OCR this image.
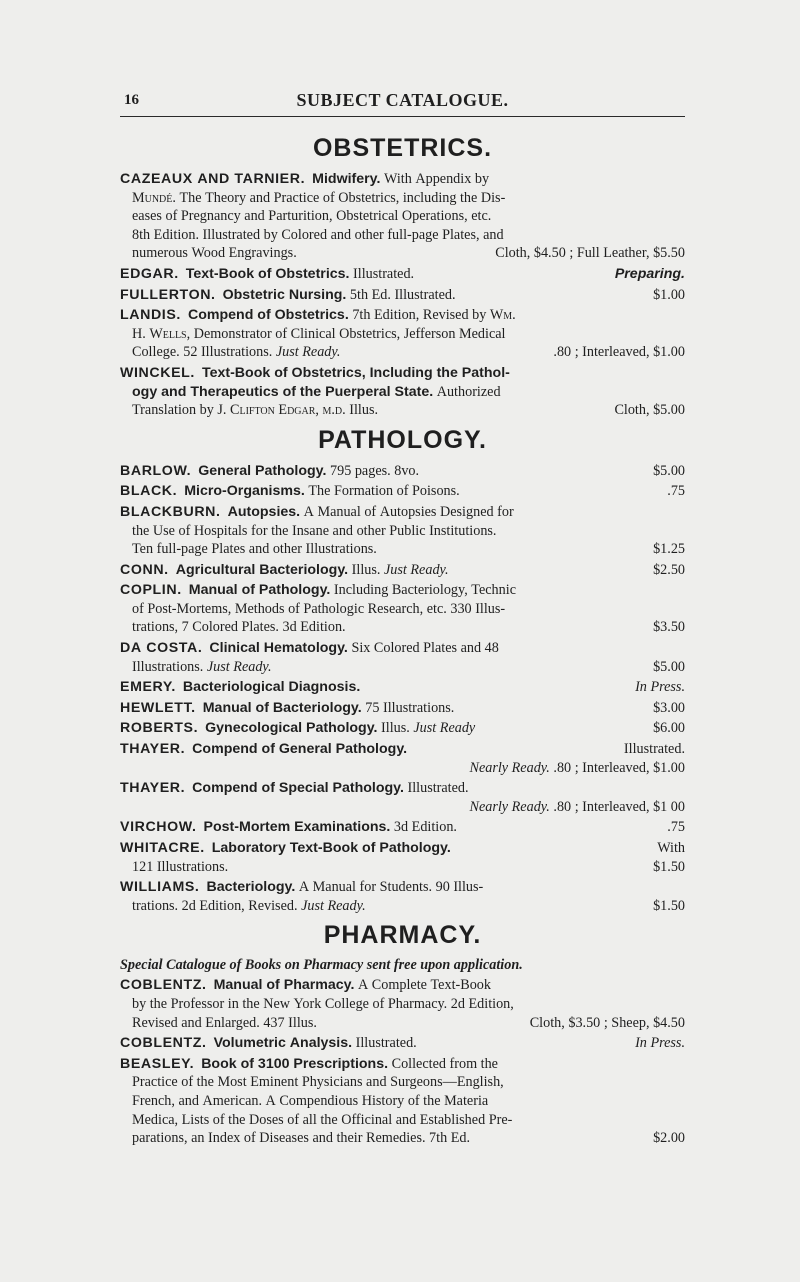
16	SUBJECT CATALOGUE.
OBSTETRICS.
CAZEAUX AND TARNIER. Midwifery. With Appendix by
Mundé. The Theory and Practice of Obstetrics, including the Dis-
eases of Pregnancy and Parturition, Obstetrical Operations, etc.
8th Edition. Illustrated by Colored and other full-page Plates, and
numerous Wood Engravings.	Cloth, $4.50 ; Full Leather, $5.50
EDGAR. Text-Book of Obstetrics. Illustrated.	Preparing.
FULLERTON. Obstetric Nursing. 5th Ed. Illustrated.	$1.00
LANDIS. Compend of Obstetrics. 7th Edition, Revised by Wm.
H. Wells , Demonstrator of Clinical Obstetrics, Jefferson Medical
College. 52 Illustrations. Just Ready.	.80 ; Interleaved, $1.00
WINCKEL. Text-Book of Obstetrics, Including the Pathol-
ogy and Therapeutics of the Puerperal State. Authorized
Translation by J. Clifton Edgar, m.d. Illus.	Cloth, $5.00
PATHOLOGY.
BARLOW. General Pathology. 795 pages. 8vo.	$5.00
BLACK. Micro-Organisms. The Formation of Poisons.	.75
BLACKBURN. Autopsies. A Manual of Autopsies Designed for
the Use of Hospitals for the Insane and other Public Institutions.
Ten full-page Plates and other Illustrations.	$1.25
CONN. Agricultural Bacteriology. Illus. Just Ready.	$2.50
COPLIN. Manual of Pathology. Including Bacteriology, Technic
of Post-Mortems, Methods of Pathologic Research, etc. 330 Illus-
trations, 7 Colored Plates. 3d Edition.	$3.50
DA COSTA. Clinical Hematology. Six Colored Plates and 48
Illustrations. Just Ready.	$5.00
EMERY. Bacteriological Diagnosis.	In Press.
HEWLETT. Manual of Bacteriology. 75 Illustrations.	$3.00
ROBERTS. Gynecological Pathology. Illus. Just Ready	$6.00
THAYER. Compend of General Pathology.	Illustrated.
Nearly Ready. .80 ; Interleaved, $1.00
THAYER. Compend of Special Pathology. Illustrated.
Nearly Ready. .80 ; Interleaved, $1 00
VIRCHOW. Post-Mortem Examinations. 3d Edition.	.75
WHITACRE. Laboratory Text-Book of Pathology.	With
121 Illustrations.	$1.50
WILLIAMS. Bacteriology. A Manual for Students. 90 Illus-
trations. 2d Edition, Revised. Just Ready.	$1.50
PHARMACY.
Special Catalogue of Books on Pharmacy sent free upon application.
COBLENTZ. Manual of Pharmacy. A Complete Text-Book
by the Professor in the New York College of Pharmacy. 2d Edition,
Revised and Enlarged. 437 Illus.	Cloth, $3.50 ; Sheep, $4.50
COBLENTZ. Volumetric Analysis. Illustrated.	In Press.
BEASLEY. Book of 3100 Prescriptions. Collected from the
Practice of the Most Eminent Physicians and Surgeons—English,
French, and American. A Compendious History of the Materia
Medica, Lists of the Doses of all the Officinal and Established Pre-
parations, an Index of Diseases and their Remedies. 7th Ed.	$2.00
